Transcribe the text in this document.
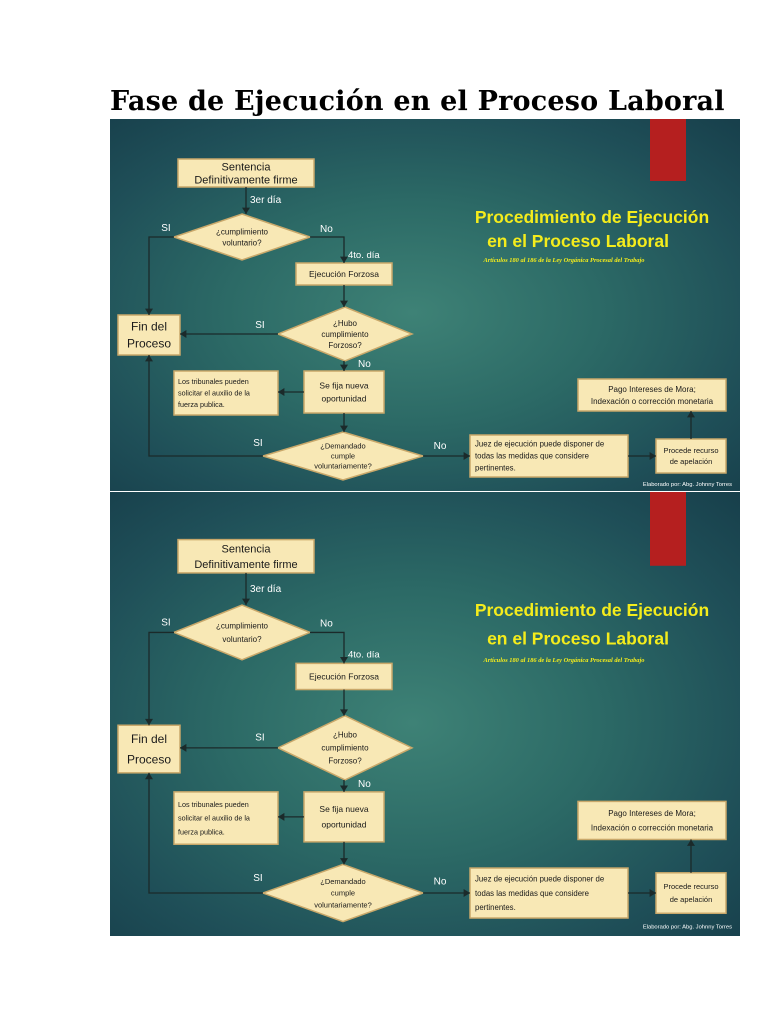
Fase de Ejecución en el Proceso Laboral
Procedimiento de Ejecución
en el Proceso Laboral
Artículos 180 al 186 de la Ley Orgánica Procesal del Trabajo
Sentencia
Definitivamente firme
¿cumplimiento
voluntario?
Ejecución Forzosa
Fin del
Proceso
¿Hubo
cumplimiento
Forzoso?
Los tribunales pueden
solicitar el auxilio de la
fuerza publica.
Se fija nueva
oportunidad
¿Demandado
cumple
voluntariamente?
Juez de ejecución puede disponer de
todas las medidas que considere
pertinentes.
Procede recurso
de apelación
Pago Intereses de Mora;
Indexación o corrección monetaria
Elaborado por: Abg. Johnny Torres
3er día
SI	No
4to. día
SI
No
SI	No
Procedimiento de Ejecución
en el Proceso Laboral
Artículos 180 al 186 de la Ley Orgánica Procesal del Trabajo
Sentencia
Definitivamente firme
¿cumplimiento
voluntario?
Ejecución Forzosa
Fin del
Proceso
¿Hubo
cumplimiento
Forzoso?
Los tribunales pueden
solicitar el auxilio de la
fuerza publica.
Se fija nueva
oportunidad
¿Demandado
cumple
voluntariamente?
Juez de ejecución puede disponer de
todas las medidas que considere
pertinentes.
Procede recurso
de apelación
Pago Intereses de Mora;
Indexación o corrección monetaria
Elaborado por: Abg. Johnny Torres
3er día
SI	No
4to. día
SI
No
SI	No
